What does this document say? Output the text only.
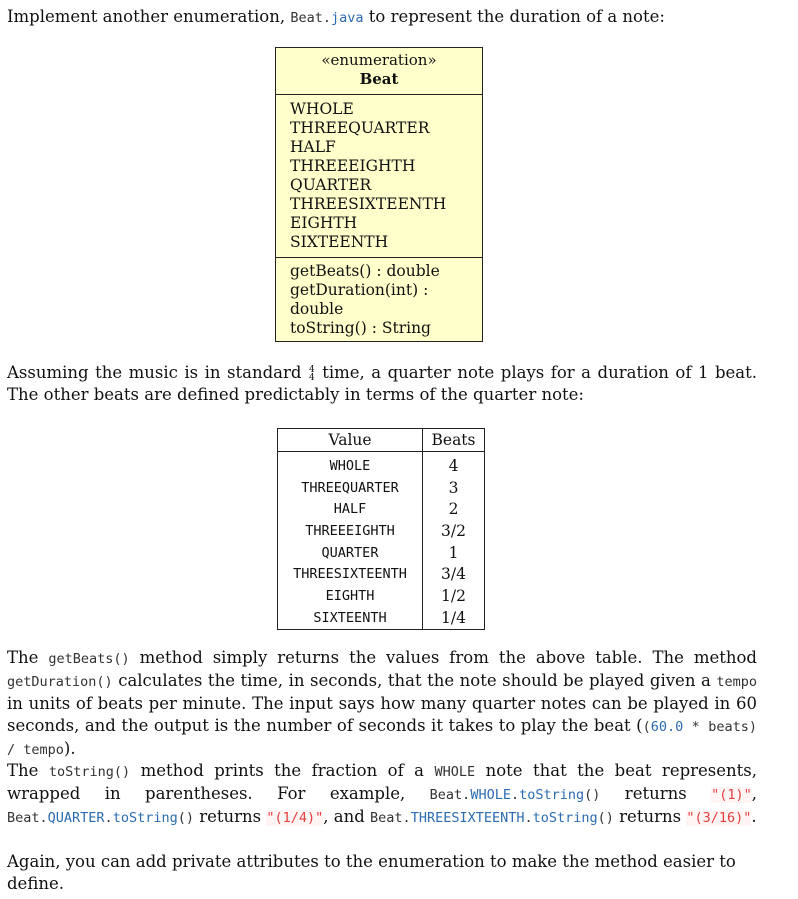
Implement another enumeration, Beat.java to represent the duration of a note:

«enumeration»
Beat
WHOLE
THREEQUARTER
HALF
THREEEIGHTH
QUARTER
THREESIXTEENTH
EIGHTH
SIXTEENTH
getBeats() : double
getDuration(int) : double
toString() : String

Assuming the music is in standard 4
4 time, a quarter note plays for a duration of 1 beat. The other beats are defined predictably in terms of the quarter note:

Value	Beats
WHOLE	4
THREEQUARTER	3
HALF	2
THREEEIGHTH	3/2
QUARTER	1
THREESIXTEENTH	3/4
EIGHTH	1/2
SIXTEENTH	1/4

The getBeats() method simply returns the values from the above table. The method getDuration() calculates the time, in seconds, that the note should be played given a tempo in units of beats per minute. The input says how many quarter notes can be played in 60 seconds, and the output is the number of seconds it takes to play the beat ((60.0 * beats) / tempo).

The toString() method prints the fraction of a WHOLE note that the beat represents, wrapped in parentheses. For example, Beat.WHOLE.toString() returns "(1)", Beat.QUARTER.toString() returns "(1/4)", and Beat.THREESIXTEENTH.toString() returns "(3/16)".

Again, you can add private attributes to the enumeration to make the method easier to define.
